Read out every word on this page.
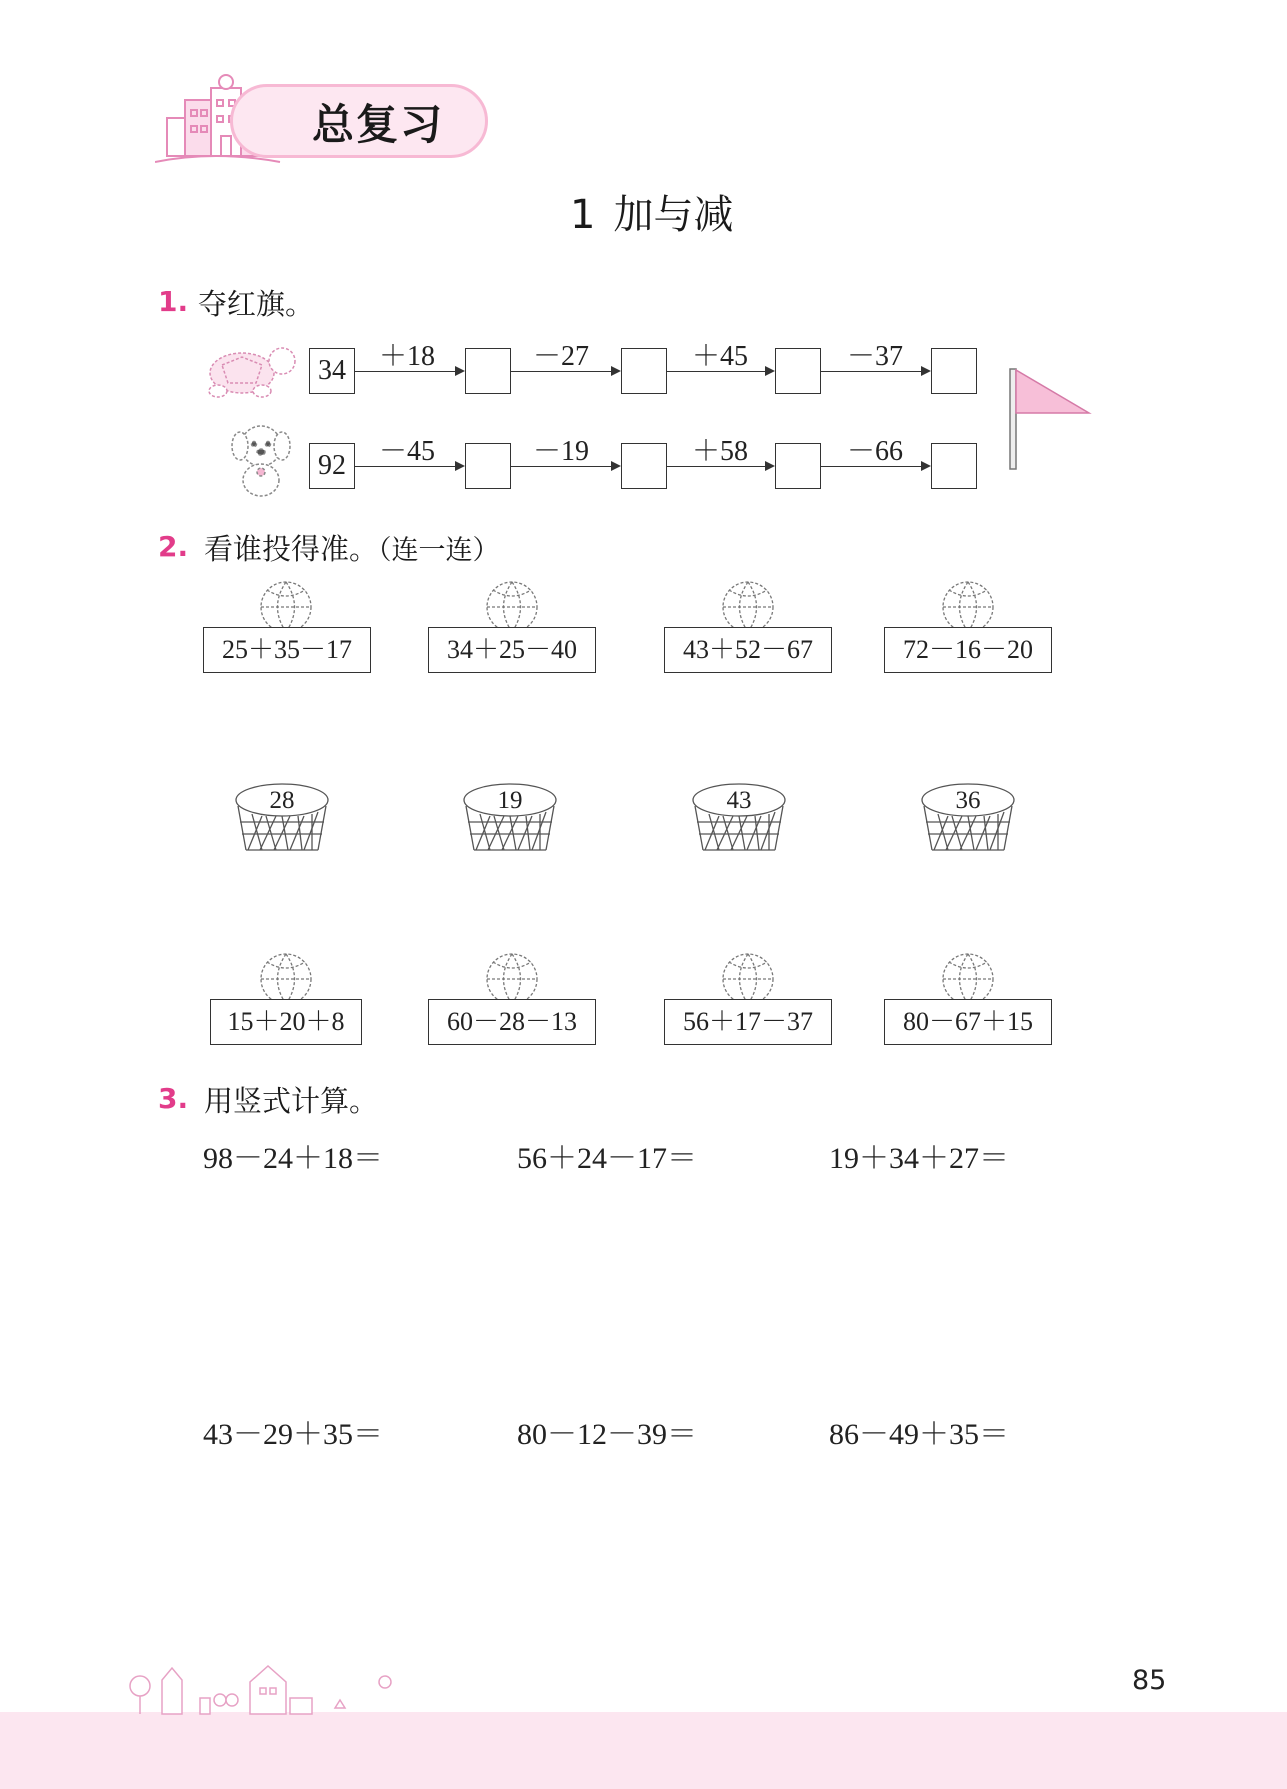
总复习
1 加与减
1. 夺红旗。
34	＋18	－27	＋45	－37
92	－45	－19	＋58	－66
2. 看谁投得准。（连一连）
25＋35－17	34＋25－40	43＋52－67	72－16－20
28	19	43	36
15＋20＋8	60－28－13	56＋17－37	80－67＋15
3. 用竖式计算。
98－24＋18＝	56＋24－17＝	19＋34＋27＝
43－29＋35＝	80－12－39＝	86－49＋35＝
85
